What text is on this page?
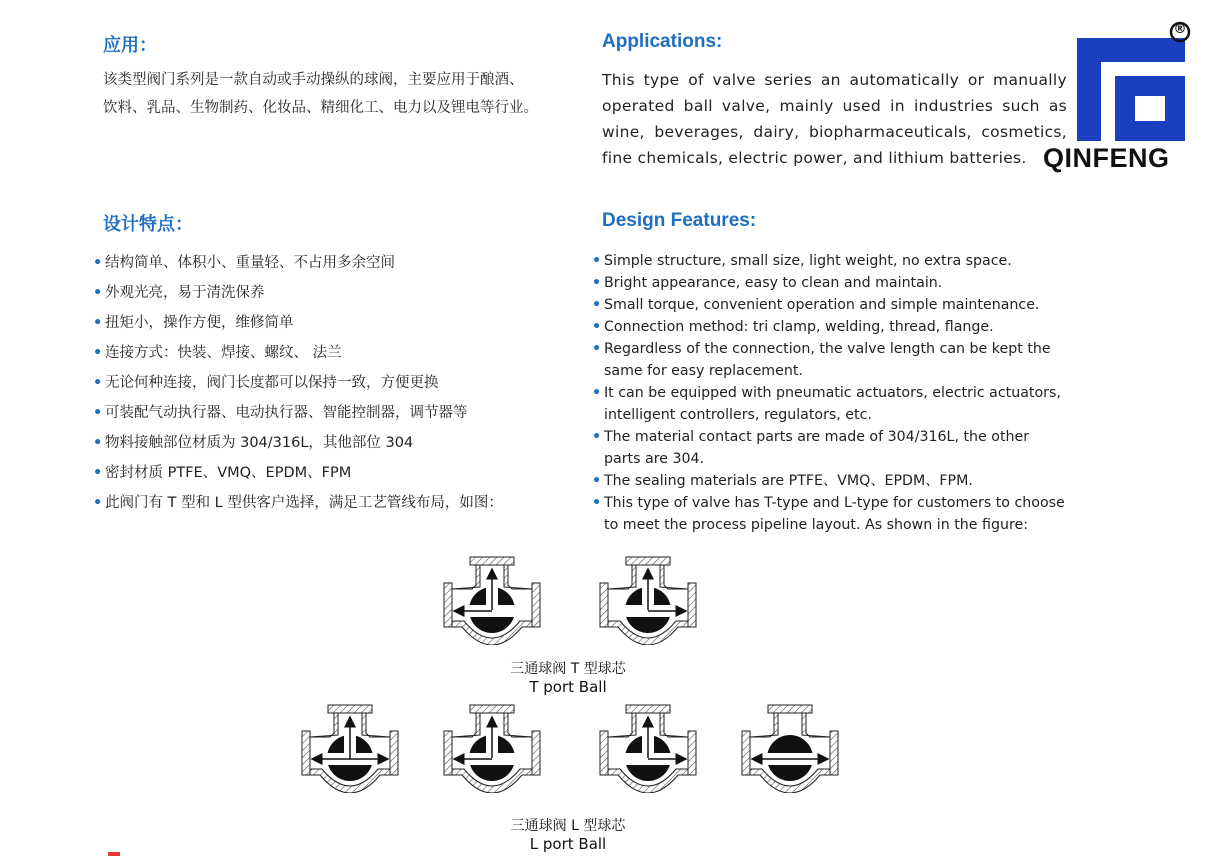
应用：
该类型阀门系列是一款自动或手动操纵的球阀，主要应用于酿酒、
饮料、乳品、生物制药、化妆品、精细化工、电力以及锂电等行业。
Applications:
This type of valve series an automatically or manually operated ball valve, mainly used in industries such as wine, beverages, dairy, biopharmaceuticals, cosmetics, fine chemicals, electric power, and lithium batteries.
®
QINFENG
设计特点：
• 结构简单、体积小、重量轻、不占用多余空间
• 外观光亮，易于清洗保养
• 扭矩小，操作方便，维修简单
• 连接方式：快装、焊接、螺纹、 法兰
• 无论何种连接，阀门长度都可以保持一致，方便更换
• 可装配气动执行器、电动执行器、智能控制器，调节器等
• 物料接触部位材质为 304/316L，其他部位 304
• 密封材质 PTFE、VMQ、EPDM、FPM
• 此阀门有 T 型和 L 型供客户选择，满足工艺管线布局，如图：
Design Features:
• Simple structure, small size, light weight, no extra space.
• Bright appearance, easy to clean and maintain.
• Small torque, convenient operation and simple maintenance.
• Connection method: tri clamp, welding, thread, flange.
• Regardless of the connection, the valve length can be kept the same for easy replacement.
• It can be equipped with pneumatic actuators, electric actuators, intelligent controllers, regulators, etc.
• The material contact parts are made of 304/316L, the other parts are 304.
• The sealing materials are PTFE、VMQ、EPDM、FPM.
• This type of valve has T-type and L-type for customers to choose to meet the process pipeline layout. As shown in the figure:
三通球阀 T 型球芯
T port Ball
三通球阀 L 型球芯
L port Ball
